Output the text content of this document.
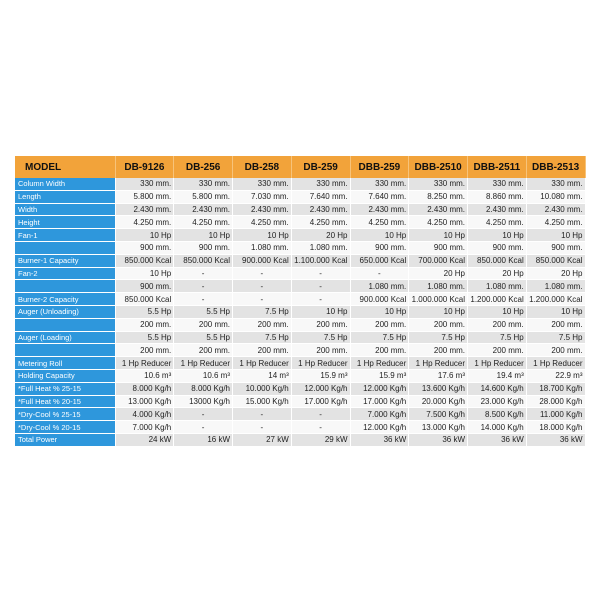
MODEL	DB-9126	DB-256	DB-258	DB-259	DBB-259	DBB-2510	DBB-2511	DBB-2513
Column Width	330 mm.	330 mm.	330 mm.	330 mm.	330 mm.	330 mm.	330 mm.	330 mm.
Length	5.800 mm.	5.800 mm.	7.030 mm.	7.640 mm.	7.640 mm.	8.250 mm.	8.860 mm.	10.080 mm.
Width	2.430 mm.	2.430 mm.	2.430 mm.	2.430 mm.	2.430 mm.	2.430 mm.	2.430 mm.	2.430 mm.
Height	4.250 mm.	4.250 mm.	4.250 mm.	4.250 mm.	4.250 mm.	4.250 mm.	4.250 mm.	4.250 mm.
Fan-1	10 Hp	10 Hp	10 Hp	20 Hp	10 Hp	10 Hp	10 Hp	10 Hp
	900 mm.	900 mm.	1.080 mm.	1.080 mm.	900 mm.	900 mm.	900 mm.	900 mm.
Burner-1 Capacity	850.000 Kcal	850.000 Kcal	900.000 Kcal	1.100.000 Kcal	650.000 Kcal	700.000 Kcal	850.000 Kcal	850.000 Kcal
Fan-2	10 Hp	-	-	-	-	20 Hp	20 Hp	20 Hp
	900 mm.	-	-	-	1.080 mm.	1.080 mm.	1.080 mm.	1.080 mm.
Burner-2 Capacity	850.000 Kcal	-	-	-	900.000 Kcal	1.000.000 Kcal	1.200.000 Kcal	1.200.000 Kcal
Auger (Unloading)	5.5 Hp	5.5 Hp	7.5 Hp	10 Hp	10 Hp	10 Hp	10 Hp	10 Hp
	200 mm.	200 mm.	200 mm.	200 mm.	200 mm.	200 mm.	200 mm.	200 mm.
Auger (Loading)	5.5 Hp	5.5 Hp	7.5 Hp	7.5 Hp	7.5 Hp	7.5 Hp	7.5 Hp	7.5 Hp
	200 mm.	200 mm.	200 mm.	200 mm.	200 mm.	200 mm.	200 mm.	200 mm.
Metering Roll	1 Hp Reducer	1 Hp Reducer	1 Hp Reducer	1 Hp Reducer	1 Hp Reducer	1 Hp Reducer	1 Hp Reducer	1 Hp Reducer
Holding Capacity	10.6 m³	10.6 m³	14 m³	15.9 m³	15.9 m³	17.6 m³	19.4 m³	22.9 m³
*Full Heat % 25-15	8.000 Kg/h	8.000 Kg/h	10.000 Kg/h	12.000 Kg/h	12.000 Kg/h	13.600 Kg/h	14.600 Kg/h	18.700 Kg/h
*Full Heat % 20-15	13.000 Kg/h	13000 Kg/h	15.000 Kg/h	17.000 Kg/h	17.000 Kg/h	20.000 Kg/h	23.000 Kg/h	28.000 Kg/h
*Dry-Cool % 25-15	4.000 Kg/h	-	-	-	7.000 Kg/h	7.500 Kg/h	8.500 Kg/h	11.000 Kg/h
*Dry-Cool % 20-15	7.000 Kg/h	-	-	-	12.000 Kg/h	13.000 Kg/h	14.000 Kg/h	18.000 Kg/h
Total Power	24 kW	16 kW	27 kW	29 kW	36 kW	36 kW	36 kW	36 kW
